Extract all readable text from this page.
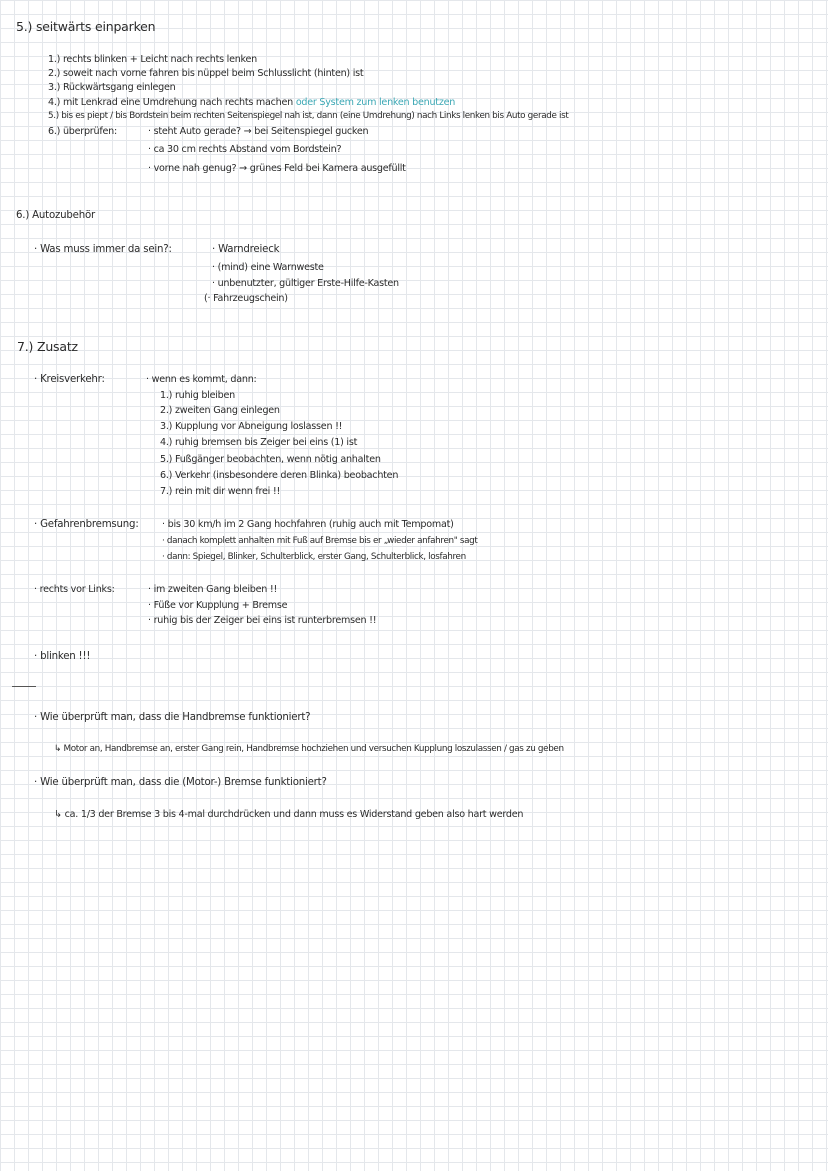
5.) seitwärts einparken
1.) rechts blinken + Leicht nach rechts lenken
2.) soweit nach vorne fahren bis nüppel beim Schlusslicht (hinten) ist
3.) Rückwärtsgang einlegen
4.) mit Lenkrad eine Umdrehung nach rechts machen oder System zum lenken benutzen
5.) bis es piept / bis Bordstein beim rechten Seitenspiegel nah ist, dann (eine Umdrehung) nach Links lenken bis Auto gerade ist
6.) überprüfen:	· steht Auto gerade? → bei Seitenspiegel gucken
· ca 30 cm rechts Abstand vom Bordstein?
· vorne nah genug? → grünes Feld bei Kamera ausgefüllt
6.) Autozubehör
· Was muss immer da sein?:	· Warndreieck
· (mind) eine Warnweste
· unbenutzter, gültiger Erste-Hilfe-Kasten
(· Fahrzeugschein)
7.) Zusatz
· Kreisverkehr:	· wenn es kommt, dann:
1.) ruhig bleiben
2.) zweiten Gang einlegen
3.) Kupplung vor Abneigung loslassen !!
4.) ruhig bremsen bis Zeiger bei eins (1) ist
5.) Fußgänger beobachten, wenn nötig anhalten
6.) Verkehr (insbesondere deren Blinka) beobachten
7.) rein mit dir wenn frei !!
· Gefahrenbremsung: · bis 30 km/h im 2 Gang hochfahren (ruhig auch mit Tempomat)
· danach komplett anhalten mit Fuß auf Bremse bis er „wieder anfahren" sagt
· dann: Spiegel, Blinker, Schulterblick, erster Gang, Schulterblick, losfahren
· rechts vor Links:	· im zweiten Gang bleiben !!
· Füße vor Kupplung + Bremse
· ruhig bis der Zeiger bei eins ist runterbremsen !!
· blinken !!!
· Wie überprüft man, dass die Handbremse funktioniert?
↳ Motor an, Handbremse an, erster Gang rein, Handbremse hochziehen und versuchen Kupplung loszulassen / gas zu geben
· Wie überprüft man, dass die (Motor-) Bremse funktioniert?
↳ ca. 1/3 der Bremse 3 bis 4-mal durchdrücken und dann muss es Widerstand geben also hart werden
